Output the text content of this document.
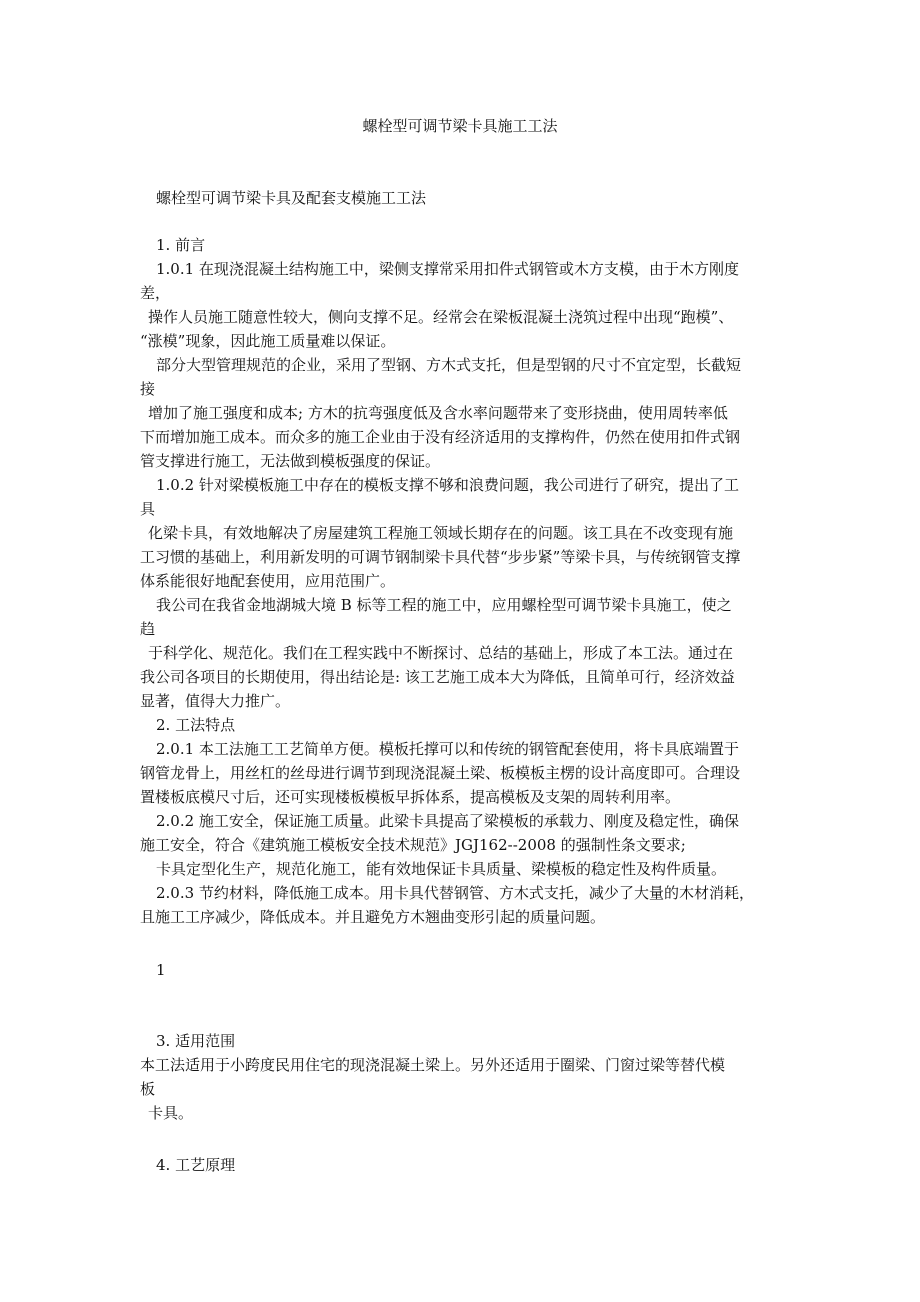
螺栓型可调节梁卡具施工工法
螺栓型可调节梁卡具及配套支模施工工法
1. 前言
1.0.1 在现浇混凝土结构施工中，梁侧支撑常采用扣件式钢管或木方支模，由于木方刚度
差，
操作人员施工随意性较大，侧向支撑不足。经常会在梁板混凝土浇筑过程中出现“跑模”、
“涨模”现象，因此施工质量难以保证。
部分大型管理规范的企业，采用了型钢、方木式支托，但是型钢的尺寸不宜定型，长截短
接
增加了施工强度和成本; 方木的抗弯强度低及含水率问题带来了变形挠曲，使用周转率低
下而增加施工成本。而众多的施工企业由于没有经济适用的支撑构件，仍然在使用扣件式钢
管支撑进行施工，无法做到模板强度的保证。
1.0.2 针对梁模板施工中存在的模板支撑不够和浪费问题，我公司进行了研究，提出了工
具
化梁卡具，有效地解决了房屋建筑工程施工领域长期存在的问题。该工具在不改变现有施
工习惯的基础上，利用新发明的可调节钢制梁卡具代替“步步紧”等梁卡具，与传统钢管支撑
体系能很好地配套使用，应用范围广。
我公司在我省金地湖城大境 B 标等工程的施工中，应用螺栓型可调节梁卡具施工，使之
趋
于科学化、规范化。我们在工程实践中不断探讨、总结的基础上，形成了本工法。通过在
我公司各项目的长期使用，得出结论是: 该工艺施工成本大为降低，且简单可行，经济效益
显著，值得大力推广。
2. 工法特点
2.0.1 本工法施工工艺简单方便。模板托撑可以和传统的钢管配套使用，将卡具底端置于
钢管龙骨上，用丝杠的丝母进行调节到现浇混凝土梁、板模板主楞的设计高度即可。合理设
置楼板底模尺寸后，还可实现楼板模板早拆体系，提高模板及支架的周转利用率。
2.0.2 施工安全，保证施工质量。此梁卡具提高了梁模板的承载力、刚度及稳定性，确保
施工安全，符合《建筑施工模板安全技术规范》JGJ162--2008 的强制性条文要求;
卡具定型化生产，规范化施工，能有效地保证卡具质量、梁模板的稳定性及构件质量。
2.0.3 节约材料，降低施工成本。用卡具代替钢管、方木式支托，减少了大量的木材消耗，
且施工工序减少，降低成本。并且避免方木翘曲变形引起的质量问题。
1
3. 适用范围
本工法适用于小跨度民用住宅的现浇混凝土梁上。另外还适用于圈梁、门窗过梁等替代模
板
卡具。
4. 工艺原理
